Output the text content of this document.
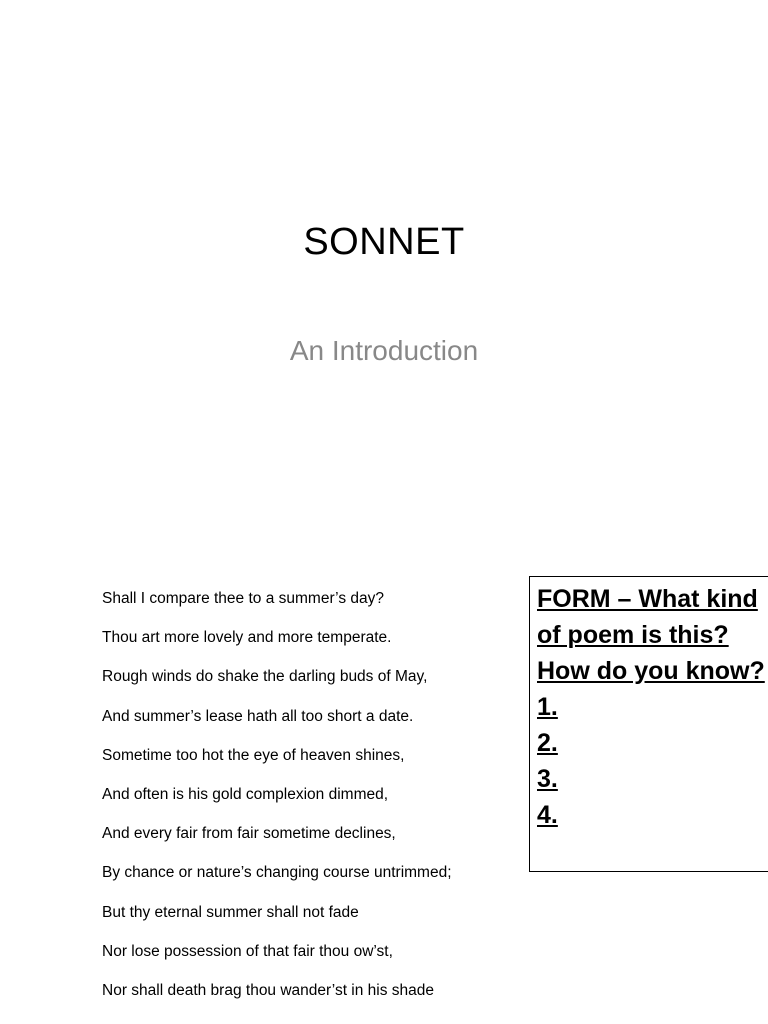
SONNET
An Introduction
Shall I compare thee to a summer’s day?
Thou art more lovely and more temperate.
Rough winds do shake the darling buds of May,
And summer’s lease hath all too short a date.
Sometime too hot the eye of heaven shines,
And often is his gold complexion dimmed,
And every fair from fair sometime declines,
By chance or nature’s changing course untrimmed;
But thy eternal summer shall not fade
Nor lose possession of that fair thou ow’st,
Nor shall death brag thou wander’st in his shade

FORM – What kind of poem is this? How do you know?

1.
2.
3.
4.
